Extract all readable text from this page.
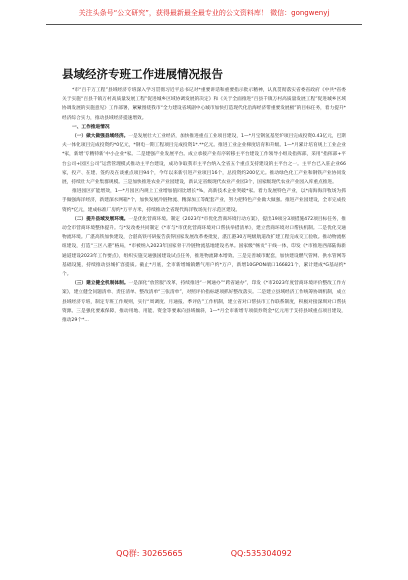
关注头条号“公文研究”，获得最新最全最专业的公文资料库！ 微信：gongwenyj
县域经济专班工作进展情况报告

*市“百千万工程”县域经济专班深入学习贯彻习近平总书记对*重要讲话和重要指示批示精神，认真贯彻落实省委省政府《中共*省委关于实施“百县千镇万村高质量发展工程”促进城乡区域协调发展的决定》和《关于全面推进“百县千镇万村高质量发展工程”促进城乡区域协调发展的实施意见》工作部署，紧紧围绕我市“全力建设省域副中心城市加快打造现代化沿海经济带重要发展极”的目标任务，着力提升*经济综合实力，推动县域经济提速增效。

一、工作推进情况

（一）做大做强县域经济。一是发展壮大工业经济，加快推进重点工业项目建设，1—*月宝钢氢基竖炉项目完成投资0.43亿元，巴斯夫一体化项目完成投资约*0亿元，*钢电一期工程项目完成投资1*.**亿元。推进工业企业梯度培育和升级。1—*月累计培育规上工业企业*家，新增‘专精特新’中小企业*家。二是建强产业发展平台。成立承接产业有序转移主平台建设工作领导小组及指挥部，采用“指挥部+平台公司+园区公司”运营管理模式推动主平台建设，成功争取我市主平台纳入全省五个重点支持建设的主平台之一。主平台已入驻企业66家，投产、在建、签约及在谈重点项目94个，今年以来新引进产业项目16个，总投资约200亿元。推动绿色化工产业和钢铁产业协同发展，持续壮大产业集群规模。三是加快推进农业产业园建设，新认定省级现代农业产业园3个，国家级现代农业产业园入库重点推进。

推进园区扩能增效，1—*月园区内规上工业增加值同比增长*%，高新技术企业突破*家。着力发展特色产业，以*南海海洋牧场为抓手做强海洋经济，新建深水网箱*个，加快发展冷链物流、精深加工等配套产业，努力把特色产业做大做强。推进产业园建设，全市完成投资约*亿元，建成标准厂房约*万平方米，持续推动全省现代海洋牧场先行示范区建设。

（二）提升县域发展环境。一是优化营商环境。制定《2023年*市优化营商环境行动方案》，提出19项分3项措施472项目标任务，推动全市营商环境整体提升。与*发改委共同制定《*市与*市优化营商环境对口帮扶举措清单》，建立营商环境对口帮扶机制。二是优化交通物流环境。广湛高铁加快建设，合湛高铁可研报告获得国家发展改革委批复，湛江港30万吨级航道改扩建工程完成交工验收。推动物流枢纽建设，打造“三区八港”格局，*市被纳入2023年国家骨干冷链物流基地建设名单。国家级“畅贡”干线一体，印发《*市推进西部陆海新通道建设2023年工作要点》，组织实施交通强国建设试点任务，推进物流降本增效。三是完善城市配套，加快建设燃气管网、供水管网等基础设施，持续推动县城扩容提质。截止*月底，全市新增城镇燃气用户约*万户，新增10GPON端口166821个，累计建成*G基站约*个。

（三）建立健全机制体制。一是深化“放管服”改革，持续推进“一网通办”“跨省通办”，印发《*市2023年度营商环境评价整改工作方案》，建立健全问题清单、责任清单、整改清单“三张清单”，对照评价指标逐项抓好整改落实。二是建立县域经济工作统筹协调机制，成立县域经济专班，制定专班工作规则，实行“周调度、月通报、季评估”工作机制，建立省对口帮扶市工作联系制度，积极对接深圳对口帮扶资源。三是强化要素保障，推动用地、用能、资金等要素向县域倾斜，1—*月全市新增专项债券资金*亿元用于支持县域重点项目建设，推动29个*...

QQ群: 30265665	QQ:535304092
